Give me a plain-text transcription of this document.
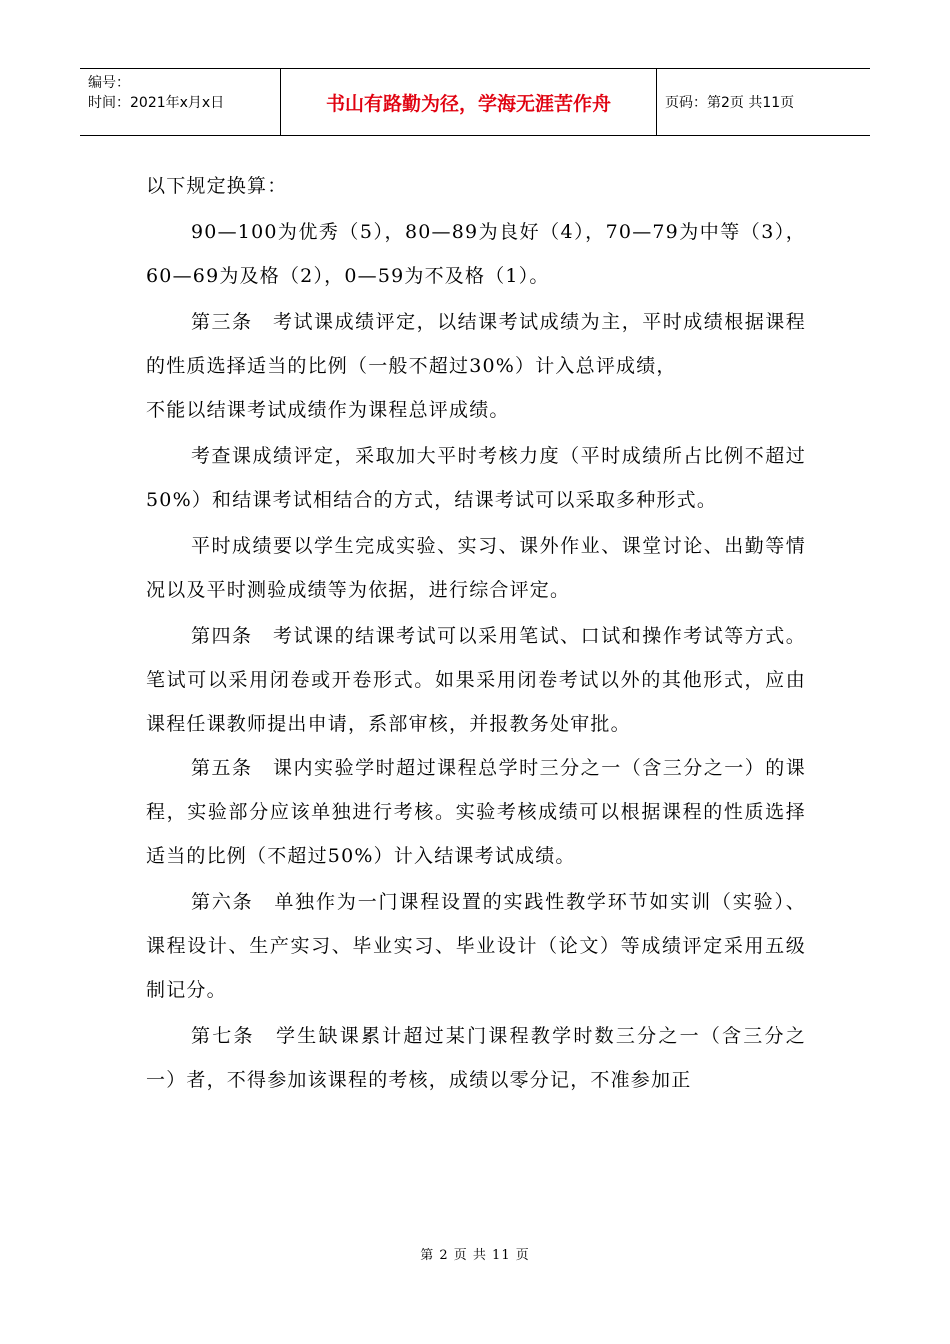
编号：
时间：2021年x月x日	书山有路勤为径，学海无涯苦作舟	页码：第2页 共11页

以下规定换算：

90—100为优秀（5），80—89为良好（4），70—79为中等（3），60—69为及格（2），0—59为不及格（1）。

第三条　考试课成绩评定，以结课考试成绩为主，平时成绩根据课程的性质选择适当的比例（一般不超过30%）计入总评成绩，

不能以结课考试成绩作为课程总评成绩。

考查课成绩评定，采取加大平时考核力度（平时成绩所占比例不超过50%）和结课考试相结合的方式，结课考试可以采取多种形式。

平时成绩要以学生完成实验、实习、课外作业、课堂讨论、出勤等情况以及平时测验成绩等为依据，进行综合评定。

第四条　考试课的结课考试可以采用笔试、口试和操作考试等方式。笔试可以采用闭卷或开卷形式。如果采用闭卷考试以外的其他形式，应由课程任课教师提出申请，系部审核，并报教务处审批。

第五条　课内实验学时超过课程总学时三分之一（含三分之一）的课程，实验部分应该单独进行考核。实验考核成绩可以根据课程的性质选择适当的比例（不超过50%）计入结课考试成绩。

第六条　单独作为一门课程设置的实践性教学环节如实训（实验）、课程设计、生产实习、毕业实习、毕业设计（论文）等成绩评定采用五级制记分。

第七条　学生缺课累计超过某门课程教学时数三分之一（含三分之一）者，不得参加该课程的考核，成绩以零分记，不准参加正

第 2 页 共 11 页
